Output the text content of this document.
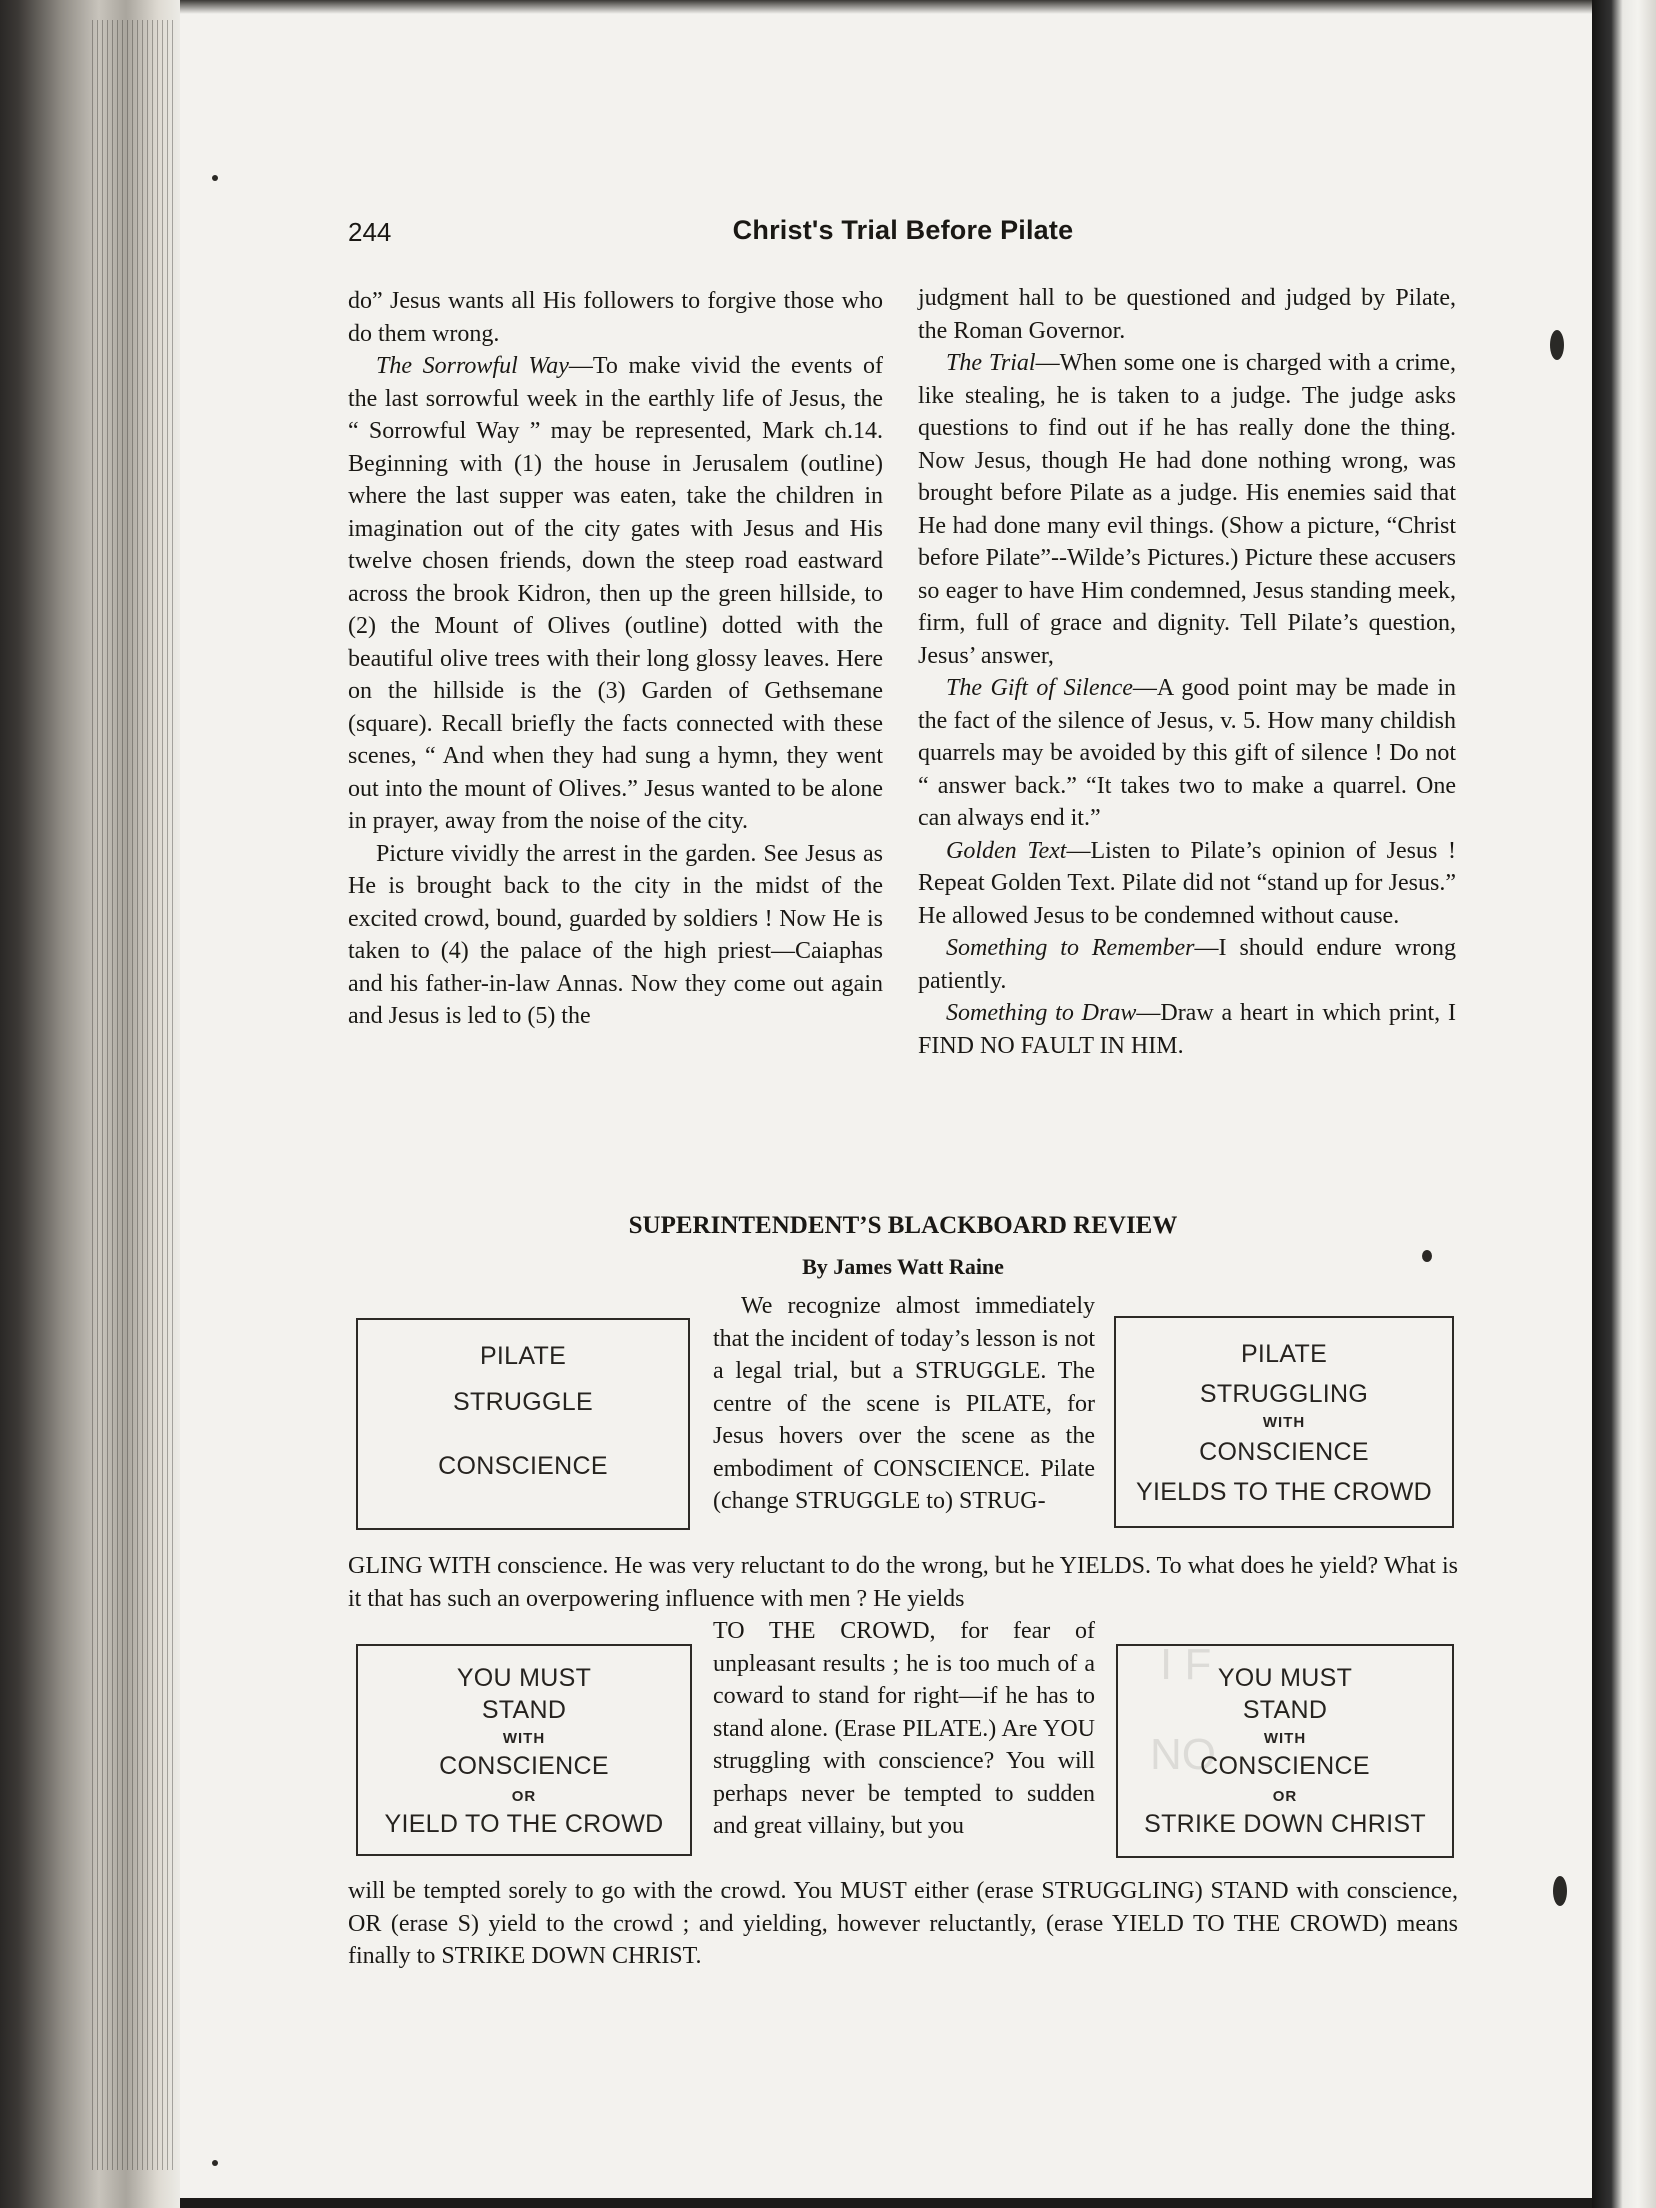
I F
NO
244	Christ's Trial Before Pilate

do” Jesus wants all His followers to forgive those who do them wrong.

The Sorrowful Way—To make vivid the events of the last sorrowful week in the earthly life of Jesus, the “ Sorrowful Way ” may be represented, Mark ch.14. Beginning with (1) the house in Jerusalem (outline) where the last supper was eaten, take the children in imagination out of the city gates with Jesus and His twelve chosen friends, down the steep road eastward across the brook Kidron, then up the green hillside, to (2) the Mount of Olives (outline) dotted with the beautiful olive trees with their long glossy leaves. Here on the hillside is the (3) Garden of Gethsemane (square). Recall briefly the facts connected with these scenes, “ And when they had sung a hymn, they went out into the mount of Olives.” Jesus wanted to be alone in prayer, away from the noise of the city.

Picture vividly the arrest in the garden. See Jesus as He is brought back to the city in the midst of the excited crowd, bound, guarded by soldiers ! Now He is taken to (4) the palace of the high priest—Caiaphas and his father-in-law Annas. Now they come out again and Jesus is led to (5) the

judgment hall to be questioned and judged by Pilate, the Roman Governor.

The Trial—When some one is charged with a crime, like stealing, he is taken to a judge. The judge asks questions to find out if he has really done the thing. Now Jesus, though He had done nothing wrong, was brought before Pilate as a judge. His enemies said that He had done many evil things. (Show a picture, “Christ before Pilate”--Wilde’s Pictures.) Picture these accusers so eager to have Him condemned, Jesus standing meek, firm, full of grace and dignity. Tell Pilate’s question, Jesus’ answer,

The Gift of Silence—A good point may be made in the fact of the silence of Jesus, v. 5. How many childish quarrels may be avoided by this gift of silence ! Do not “ answer back.” “It takes two to make a quarrel. One can always end it.”

Golden Text—Listen to Pilate’s opinion of Jesus ! Repeat Golden Text. Pilate did not “stand up for Jesus.” He allowed Jesus to be condemned without cause.

Something to Remember—I should endure wrong patiently.

Something to Draw—Draw a heart in which print, I FIND NO FAULT IN HIM.

SUPERINTENDENT’S BLACKBOARD REVIEW
By James Watt Raine
We recognize almost immediately that the incident of today’s lesson is not a legal trial, but a STRUGGLE. The centre of the scene is PILATE, for Jesus hovers over the scene as the embodiment of CONSCIENCE. Pilate (change STRUGGLE to) STRUG-
GLING WITH conscience. He was very reluctant to do the wrong, but he YIELDS. To what does he yield? What is it that has such an overpowering influence with men ? He yields
TO THE CROWD, for fear of unpleasant results ; he is too much of a coward to stand for right—if he has to stand alone. (Erase PILATE.) Are YOU struggling with conscience? You will perhaps never be tempted to sudden and great villainy, but you
will be tempted sorely to go with the crowd. You MUST either (erase STRUGGLING) STAND with conscience, OR (erase S) yield to the crowd ; and yielding, however reluctantly, (erase YIELD TO THE CROWD) means finally to STRIKE DOWN CHRIST.
PILATE
STRUGGLE
CONSCIENCE
PILATE
STRUGGLING
WITH
CONSCIENCE
YIELDS TO THE CROWD
YOU MUST
STAND
WITH
CONSCIENCE
OR
YIELD TO THE CROWD
YOU MUST
STAND
WITH
CONSCIENCE
OR
STRIKE DOWN CHRIST
